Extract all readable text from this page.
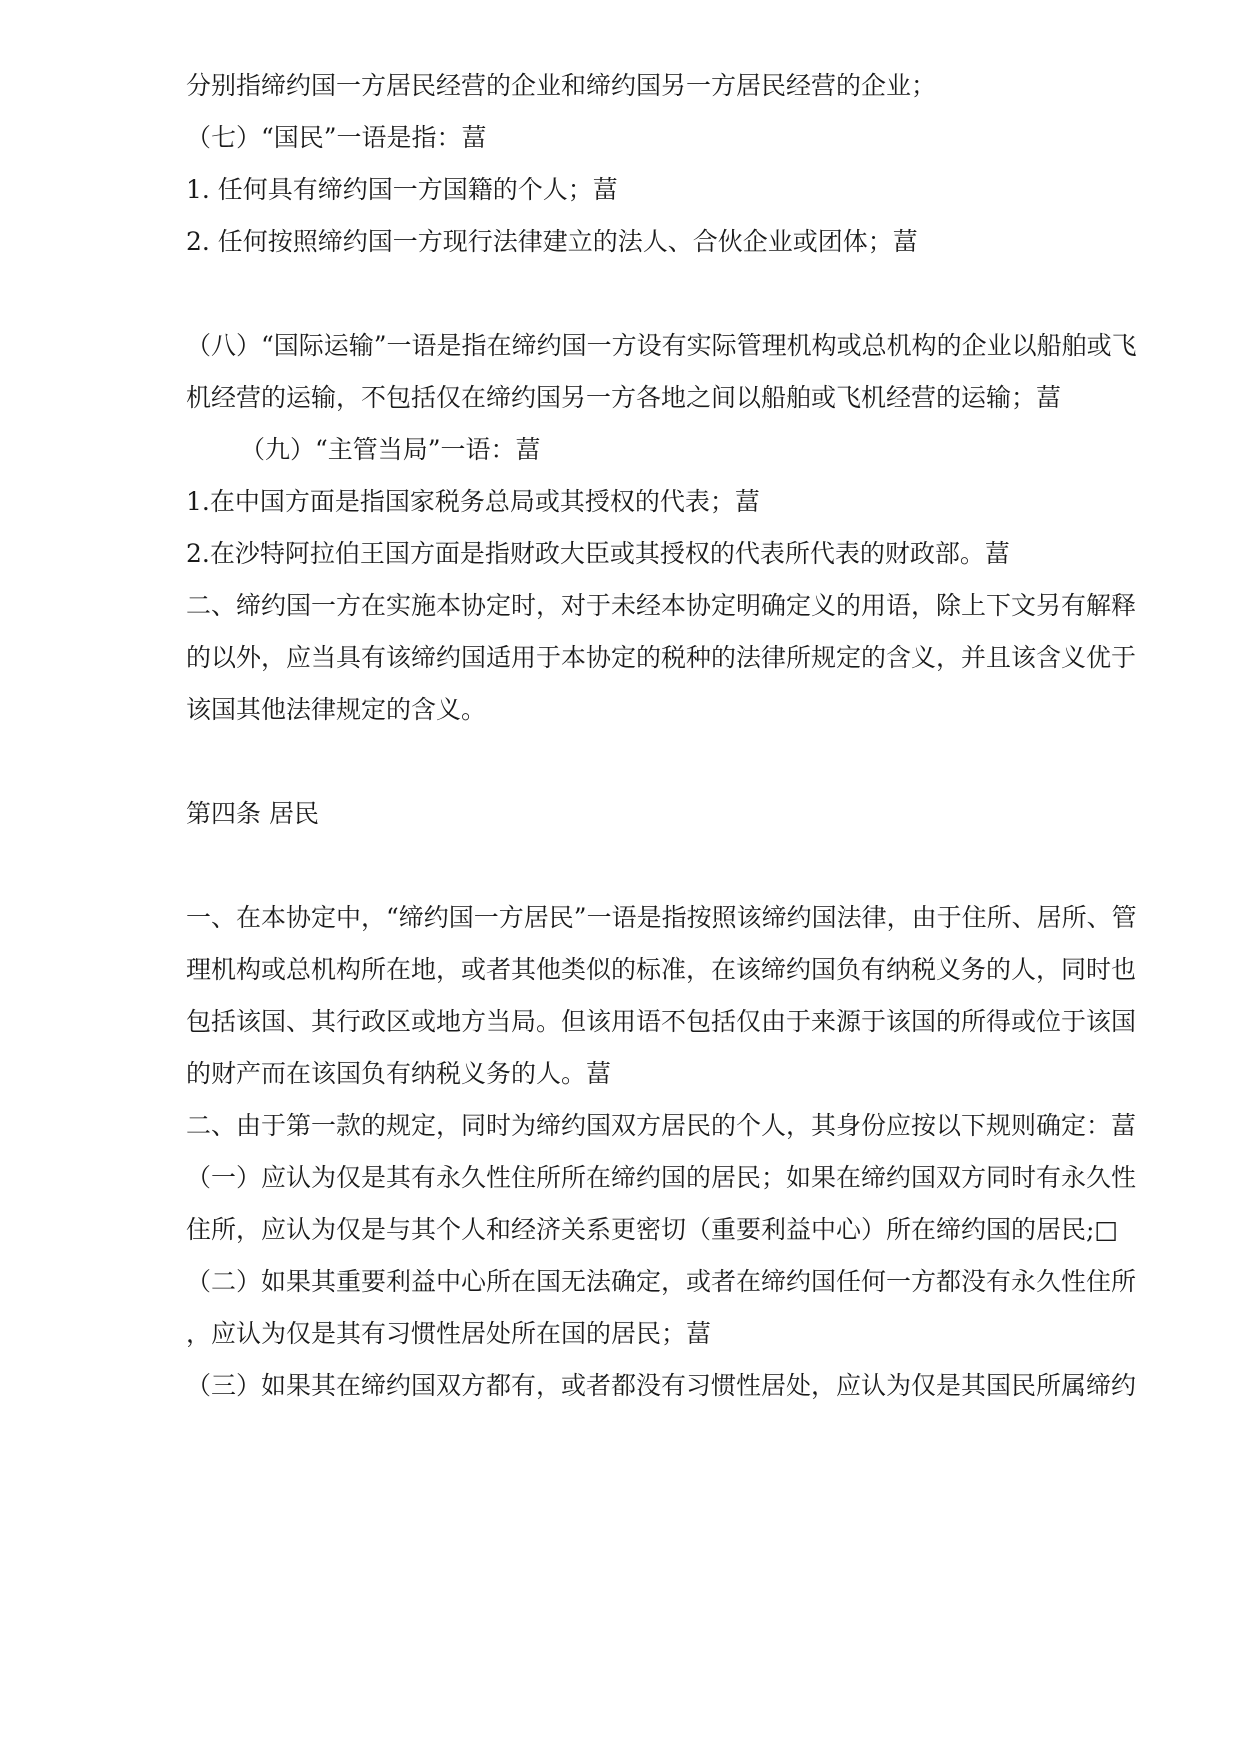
分别指缔约国一方居民经营的企业和缔约国另一方居民经营的企业；
（七）“国民”一语是指：葍
1. 任何具有缔约国一方国籍的个人；葍
2. 任何按照缔约国一方现行法律建立的法人、合伙企业或团体；葍
（八）“国际运输”一语是指在缔约国一方设有实际管理机构或总机构的企业以船舶或飞
机经营的运输，不包括仅在缔约国另一方各地之间以船舶或飞机经营的运输；葍
（九）“主管当局”一语：葍
1.在中国方面是指国家税务总局或其授权的代表；葍
2.在沙特阿拉伯王国方面是指财政大臣或其授权的代表所代表的财政部。葍
二、缔约国一方在实施本协定时，对于未经本协定明确定义的用语，除上下文另有解释
的以外，应当具有该缔约国适用于本协定的税种的法律所规定的含义，并且该含义优于
该国其他法律规定的含义。
第四条 居民
一、在本协定中，“缔约国一方居民”一语是指按照该缔约国法律，由于住所、居所、管
理机构或总机构所在地，或者其他类似的标准，在该缔约国负有纳税义务的人，同时也
包括该国、其行政区或地方当局。但该用语不包括仅由于来源于该国的所得或位于该国
的财产而在该国负有纳税义务的人。葍
二、由于第一款的规定，同时为缔约国双方居民的个人，其身份应按以下规则确定：葍
（一）应认为仅是其有永久性住所所在缔约国的居民；如果在缔约国双方同时有永久性
住所，应认为仅是与其个人和经济关系更密切（重要利益中心）所在缔约国的居民;□
（二）如果其重要利益中心所在国无法确定，或者在缔约国任何一方都没有永久性住所
，应认为仅是其有习惯性居处所在国的居民；葍
（三）如果其在缔约国双方都有，或者都没有习惯性居处，应认为仅是其国民所属缔约
